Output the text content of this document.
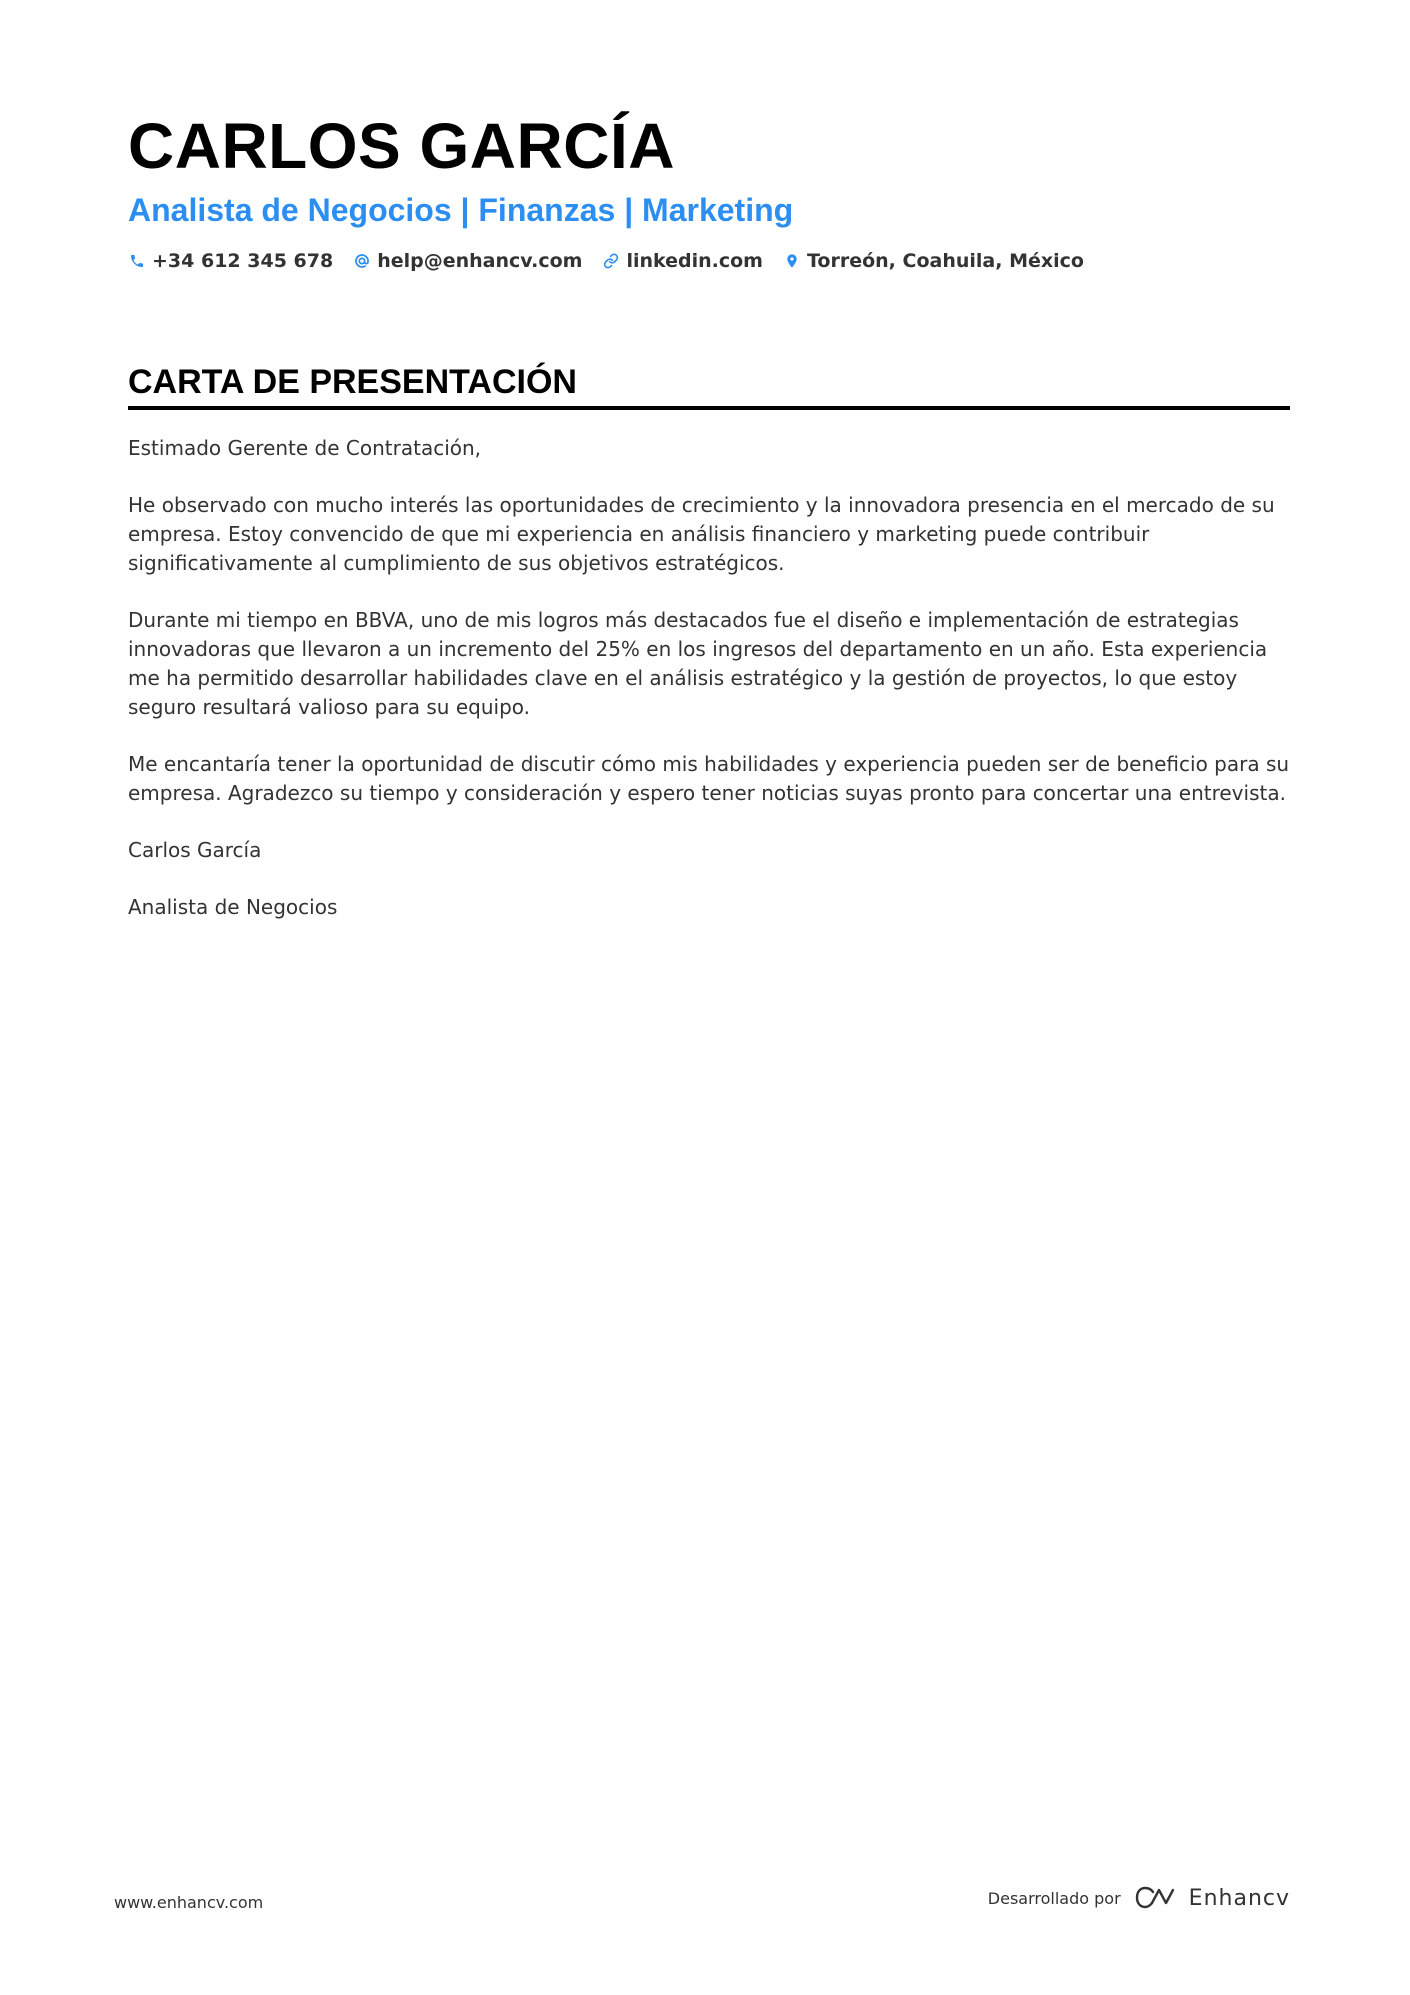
CARLOS GARCÍA
Analista de Negocios | Finanzas | Marketing
+34 612 345 678 help@enhancv.com linkedin.com Torreón, Coahuila, México
CARTA DE PRESENTACIÓN

Estimado Gerente de Contratación,

He observado con mucho interés las oportunidades de crecimiento y la innovadora presencia en el mercado de su empresa. Estoy convencido de que mi experiencia en análisis financiero y marketing puede contribuir significativamente al cumplimiento de sus objetivos estratégicos.

Durante mi tiempo en BBVA, uno de mis logros más destacados fue el diseño e implementación de estrategias innovadoras que llevaron a un incremento del 25% en los ingresos del departamento en un año. Esta experiencia me ha permitido desarrollar habilidades clave en el análisis estratégico y la gestión de proyectos, lo que estoy seguro resultará valioso para su equipo.

Me encantaría tener la oportunidad de discutir cómo mis habilidades y experiencia pueden ser de beneficio para su empresa. Agradezco su tiempo y consideración y espero tener noticias suyas pronto para concertar una entrevista.

Carlos García

Analista de Negocios

www.enhancv.com	Desarrollado por	Enhancv
